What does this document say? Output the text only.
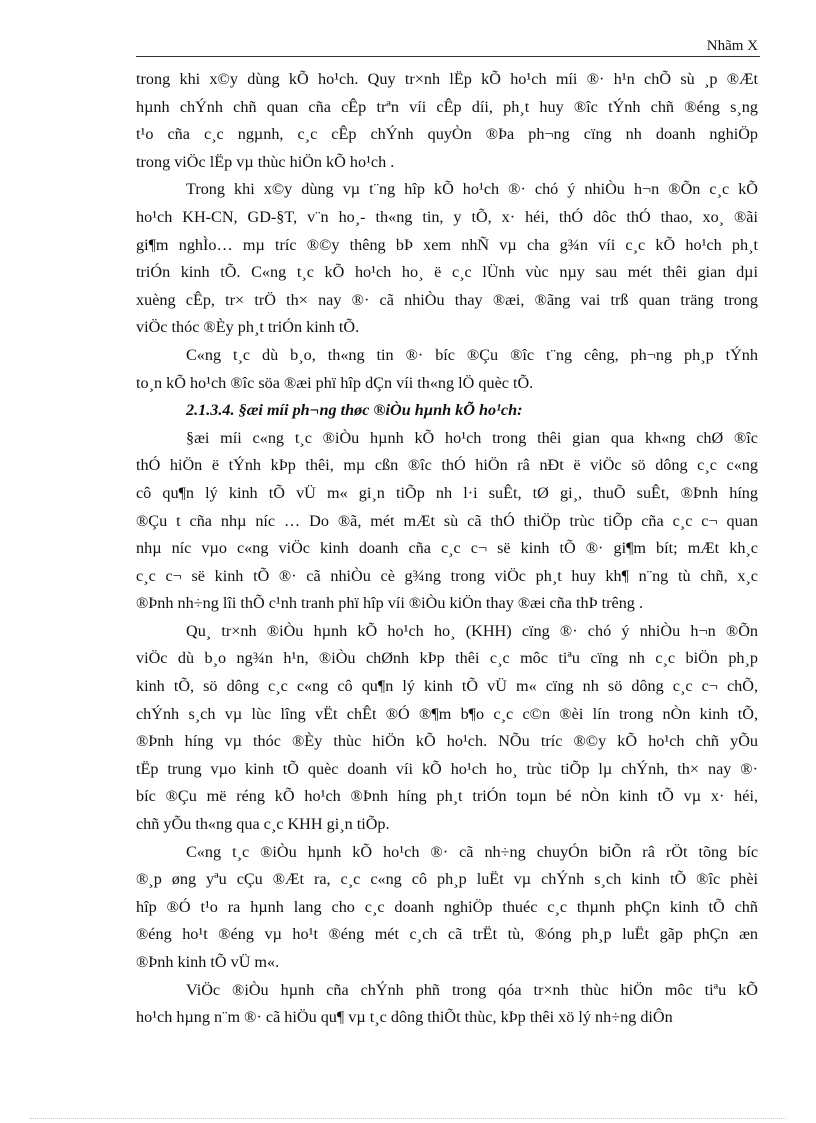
Nhãm X

trong khi x©y dùng kÕ ho¹ch. Quy tr×nh lËp kÕ ho¹ch míi ®· h¹n chÕ sù ¸p ®Æt
hµnh chÝnh chñ quan cña cÊp trªn víi cÊp díi, ph¸t huy ®îc tÝnh chñ ®éng s¸ng
t¹o cña c¸c ngµnh, c¸c cÊp chÝnh quyÒn ®Þa ph¬ng cïng nh doanh nghiÖp
trong viÖc lËp vµ thùc hiÖn kÕ ho¹ch .

Trong khi x©y dùng vµ t¨ng hîp kÕ ho¹ch ®· chó ý nhiÒu h¬n ®Õn c¸c kÕ
ho¹ch KH-CN, GD-§T, v¨n ho¸- th«ng tin, y tÕ, x· héi, thÓ dôc thÓ thao, xo¸ ®ãi
gi¶m nghÌo… mµ tríc ®©y thêng bÞ xem nhÑ vµ cha g¾n víi c¸c kÕ ho¹ch ph¸t
triÓn kinh tÕ. C«ng t¸c kÕ ho¹ch ho¸ ë c¸c lÜnh vùc nµy sau mét thêi gian dµi
xuèng cÊp, tr× trÖ th× nay ®· cã nhiÒu thay ®æi, ®ãng vai trß quan träng trong
viÖc thóc ®Èy ph¸t triÓn kinh tÕ.

C«ng t¸c dù b¸o, th«ng tin ®· bíc ®Çu ®îc t¨ng cêng, ph¬ng ph¸p tÝnh
to¸n kÕ ho¹ch ®îc söa ®æi phï hîp dÇn víi th«ng lÖ quèc tÕ.

2.1.3.4. §æi míi ph¬ng thøc ®iÒu hµnh kÕ ho¹ch:

§æi míi c«ng t¸c ®iÒu hµnh kÕ ho¹ch trong thêi gian qua kh«ng chØ ®îc
thÓ hiÖn ë tÝnh kÞp thêi, mµ cßn ®îc thÓ hiÖn râ nÐt ë viÖc sö dông c¸c c«ng
cô qu¶n lý kinh tÕ vÜ m« gi¸n tiÕp nh l·i suÊt, tØ gi¸, thuÕ suÊt, ®Þnh híng
®Çu t cña nhµ níc … Do ®ã, mét mÆt sù cã thÓ thiÖp trùc tiÕp cña c¸c c¬ quan
nhµ níc vµo c«ng viÖc kinh doanh cña c¸c c¬ së kinh tÕ ®· gi¶m bít; mÆt kh¸c
c¸c c¬ së kinh tÕ ®· cã nhiÒu cè g¾ng trong viÖc ph¸t huy kh¶ n¨ng tù chñ, x¸c
®Þnh nh÷ng lîi thÕ c¹nh tranh phï hîp víi ®iÒu kiÖn thay ®æi cña thÞ trêng .

Qu¸ tr×nh ®iÒu hµnh kÕ ho¹ch ho¸ (KHH) cïng ®· chó ý nhiÒu h¬n ®Õn
viÖc dù b¸o ng¾n h¹n, ®iÒu chØnh kÞp thêi c¸c môc tiªu cïng nh c¸c biÖn ph¸p
kinh tÕ, sö dông c¸c c«ng cô qu¶n lý kinh tÕ vÜ m« cïng nh sö dông c¸c c¬ chÕ,
chÝnh s¸ch vµ lùc lîng vËt chÊt ®Ó ®¶m b¶o c¸c c©n ®èi lín trong nÒn kinh tÕ,
®Þnh híng vµ thóc ®Èy thùc hiÖn kÕ ho¹ch. NÕu tríc ®©y kÕ ho¹ch chñ yÕu
tËp trung vµo kinh tÕ quèc doanh víi kÕ ho¹ch ho¸ trùc tiÕp lµ chÝnh, th× nay ®·
bíc ®Çu më réng kÕ ho¹ch ®Þnh híng ph¸t triÓn toµn bé nÒn kinh tÕ vµ x· héi,
chñ yÕu th«ng qua c¸c KHH gi¸n tiÕp.

C«ng t¸c ®iÒu hµnh kÕ ho¹ch ®· cã nh÷ng chuyÓn biÕn râ rÖt tõng bíc
®¸p øng yªu cÇu ®Æt ra, c¸c c«ng cô ph¸p luËt vµ chÝnh s¸ch kinh tÕ ®îc phèi
hîp ®Ó t¹o ra hµnh lang cho c¸c doanh nghiÖp thuéc c¸c thµnh phÇn kinh tÕ chñ
®éng ho¹t ®éng vµ ho¹t ®éng mét c¸ch cã trËt tù, ®óng ph¸p luËt gãp phÇn æn
®Þnh kinh tÕ vÜ m«.

ViÖc ®iÒu hµnh cña chÝnh phñ trong qóa tr×nh thùc hiÖn môc tiªu kÕ
ho¹ch hµng n¨m ®· cã hiÖu qu¶ vµ t¸c dông thiÕt thùc, kÞp thêi xö lý nh÷ng diÔn
